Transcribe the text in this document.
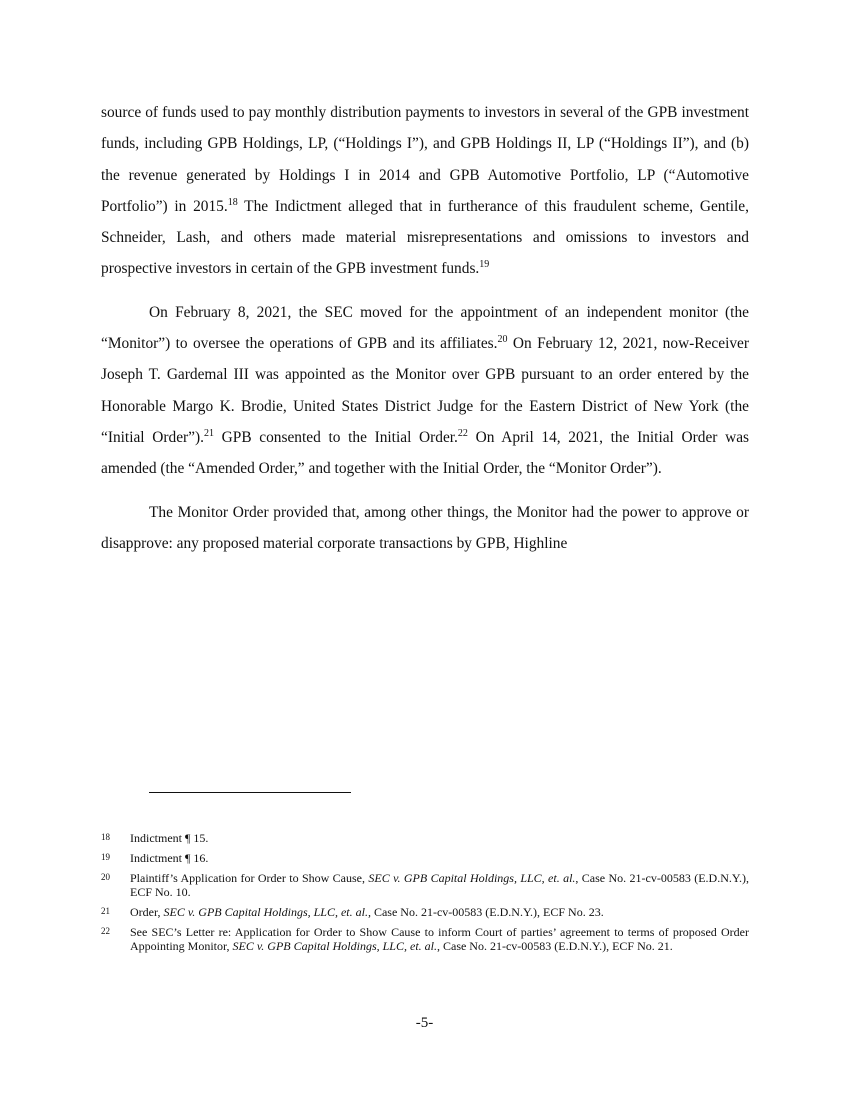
source of funds used to pay monthly distribution payments to investors in several of the GPB investment funds, including GPB Holdings, LP, (“Holdings I”), and GPB Holdings II, LP (“Holdings II”), and (b) the revenue generated by Holdings I in 2014 and GPB Automotive Portfolio, LP (“Automotive Portfolio”) in 2015.18 The Indictment alleged that in furtherance of this fraudulent scheme, Gentile, Schneider, Lash, and others made material misrepresentations and omissions to investors and prospective investors in certain of the GPB investment funds.$^{19}$

On February 8, 2021, the SEC moved for the appointment of an independent monitor (the “Monitor”) to oversee the operations of GPB and its affiliates.$^{20}$ On February 12, 2021, now-Receiver Joseph T. Gardemal III was appointed as the Monitor over GPB pursuant to an order entered by the Honorable Margo K. Brodie, United States District Judge for the Eastern District of New York (the “Initial Order”).$^{21}$ GPB consented to the Initial Order.$^{22}$ On April 14, 2021, the Initial Order was amended (the “Amended Order,” and together with the Initial Order, the “Monitor Order”).

The Monitor Order provided that, among other things, the Monitor had the power to approve or disapprove: any proposed material corporate transactions by GPB, Highline

18	Indictment ¶ 15.
19	Indictment ¶ 16.
20	Plaintiff’s Application for Order to Show Cause, SEC v. GPB Capital Holdings, LLC, et. al., Case No. 21-cv-00583 (E.D.N.Y.), ECF No. 10.
21	Order, SEC v. GPB Capital Holdings, LLC, et. al., Case No. 21-cv-00583 (E.D.N.Y.), ECF No. 23.
22	See SEC’s Letter re: Application for Order to Show Cause to inform Court of parties’ agreement to terms of proposed Order Appointing Monitor, SEC v. GPB Capital Holdings, LLC, et. al., Case No. 21-cv-00583 (E.D.N.Y.), ECF No. 21.
-5-
